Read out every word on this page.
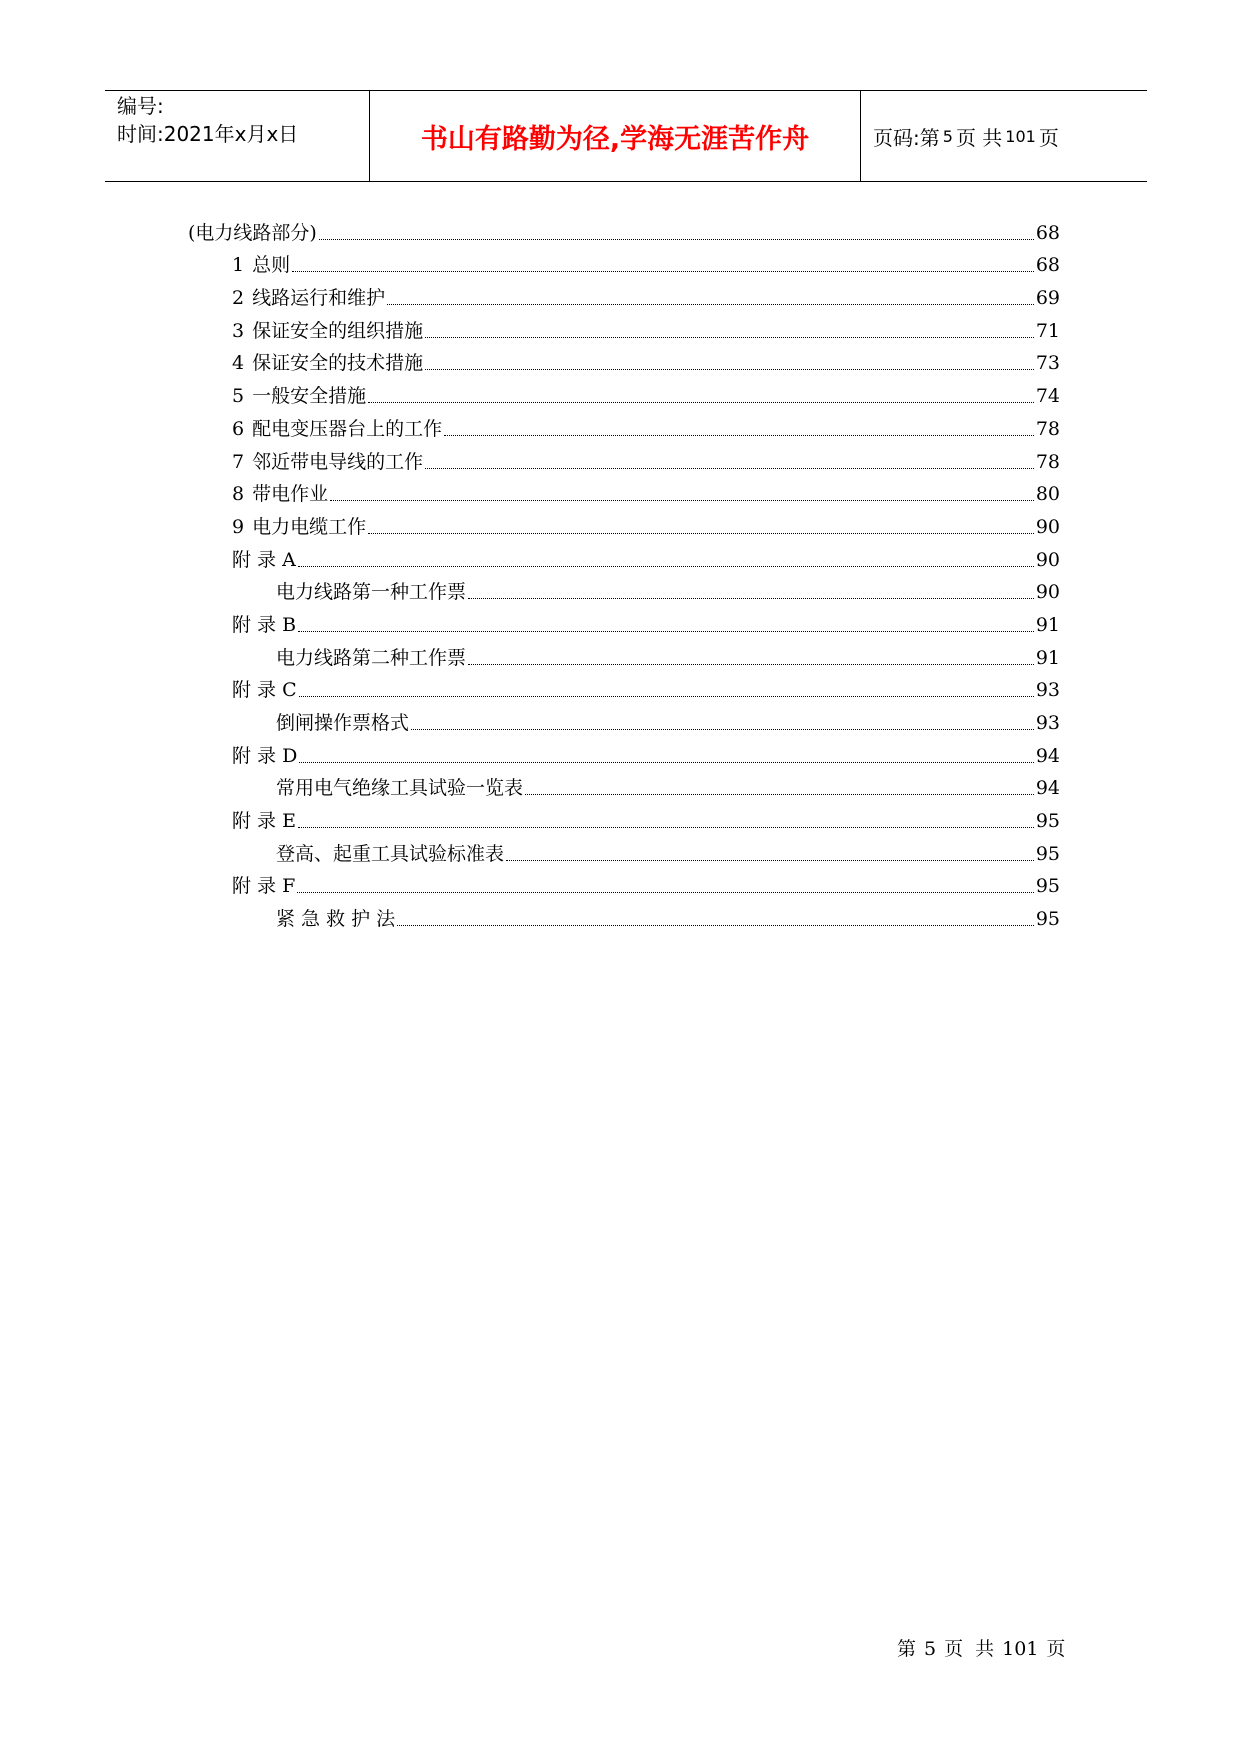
编号:
时间:2021年x月x日	书山有路勤为径,学海无涯苦作舟	页码:第 5 页 共 101 页
(电力线路部分)	68
1 总则	68
2 线路运行和维护	69
3 保证安全的组织措施	71
4 保证安全的技术措施	73
5 一般安全措施	74
6 配电变压器台上的工作	78
7 邻近带电导线的工作	78
8 带电作业	80
9 电力电缆工作	90
附 录 A	90
电力线路第一种工作票	90
附 录 B	91
电力线路第二种工作票	91
附 录 C	93
倒闸操作票格式	93
附 录 D	94
常用电气绝缘工具试验一览表	94
附 录 E	95
登高、起重工具试验标准表	95
附 录 F	95
紧 急 救 护 法	95
第 5 页 共 101 页
